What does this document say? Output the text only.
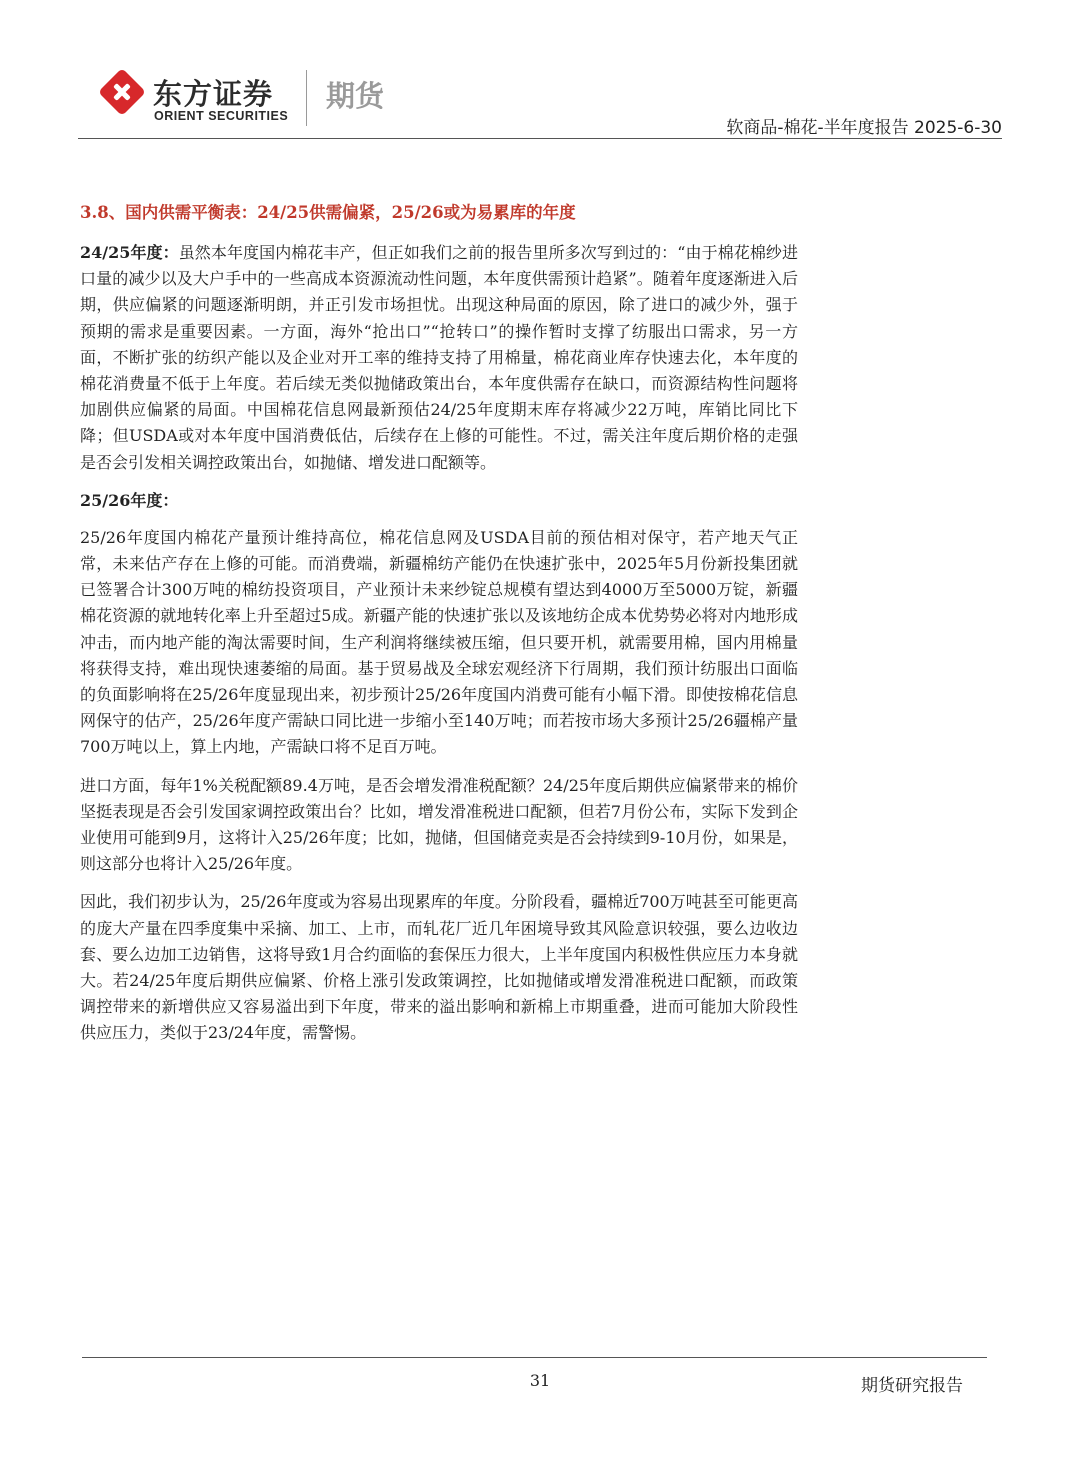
东方证券
ORIENT SECURITIES
期货
软商品-棉花-半年度报告 2025-6-30
3.8、国内供需平衡表：24/25供需偏紧，25/26或为易累库的年度

24/25年度：虽然本年度国内棉花丰产，但正如我们之前的报告里所多次写到过的：“由于棉花棉纱进口量的减少以及大户手中的一些高成本资源流动性问题，本年度供需预计趋紧”。随着年度逐渐进入后期，供应偏紧的问题逐渐明朗，并正引发市场担忧。出现这种局面的原因，除了进口的减少外，强于预期的需求是重要因素。一方面，海外“抢出口”“抢转口”的操作暂时支撑了纺服出口需求，另一方面，不断扩张的纺织产能以及企业对开工率的维持支持了用棉量，棉花商业库存快速去化，本年度的棉花消费量不低于上年度。若后续无类似抛储政策出台，本年度供需存在缺口，而资源结构性问题将加剧供应偏紧的局面。中国棉花信息网最新预估24/25年度期末库存将减少22万吨，库销比同比下降；但USDA或对本年度中国消费低估，后续存在上修的可能性。不过，需关注年度后期价格的走强是否会引发相关调控政策出台，如抛储、增发进口配额等。

25/26年度：

25/26年度国内棉花产量预计维持高位，棉花信息网及USDA目前的预估相对保守，若产地天气正常，未来估产存在上修的可能。而消费端，新疆棉纺产能仍在快速扩张中，2025年5月份新投集团就已签署合计300万吨的棉纺投资项目，产业预计未来纱锭总规模有望达到4000万至5000万锭，新疆棉花资源的就地转化率上升至超过5成。新疆产能的快速扩张以及该地纺企成本优势势必将对内地形成冲击，而内地产能的淘汰需要时间，生产利润将继续被压缩，但只要开机，就需要用棉，国内用棉量将获得支持，难出现快速萎缩的局面。基于贸易战及全球宏观经济下行周期，我们预计纺服出口面临的负面影响将在25/26年度显现出来，初步预计25/26年度国内消费可能有小幅下滑。即使按棉花信息网保守的估产，25/26年度产需缺口同比进一步缩小至140万吨；而若按市场大多预计25/26疆棉产量700万吨以上，算上内地，产需缺口将不足百万吨。

进口方面，每年1%关税配额89.4万吨，是否会增发滑准税配额？24/25年度后期供应偏紧带来的棉价坚挺表现是否会引发国家调控政策出台？比如，增发滑准税进口配额，但若7月份公布，实际下发到企业使用可能到9月，这将计入25/26年度；比如，抛储，但国储竞卖是否会持续到9-10月份，如果是，则这部分也将计入25/26年度。

因此，我们初步认为，25/26年度或为容易出现累库的年度。分阶段看，疆棉近700万吨甚至可能更高的庞大产量在四季度集中采摘、加工、上市，而轧花厂近几年困境导致其风险意识较强，要么边收边套、要么边加工边销售，这将导致1月合约面临的套保压力很大，上半年度国内积极性供应压力本身就大。若24/25年度后期供应偏紧、价格上涨引发政策调控，比如抛储或增发滑准税进口配额，而政策调控带来的新增供应又容易溢出到下年度，带来的溢出影响和新棉上市期重叠，进而可能加大阶段性供应压力，类似于23/24年度，需警惕。

31	期货研究报告
